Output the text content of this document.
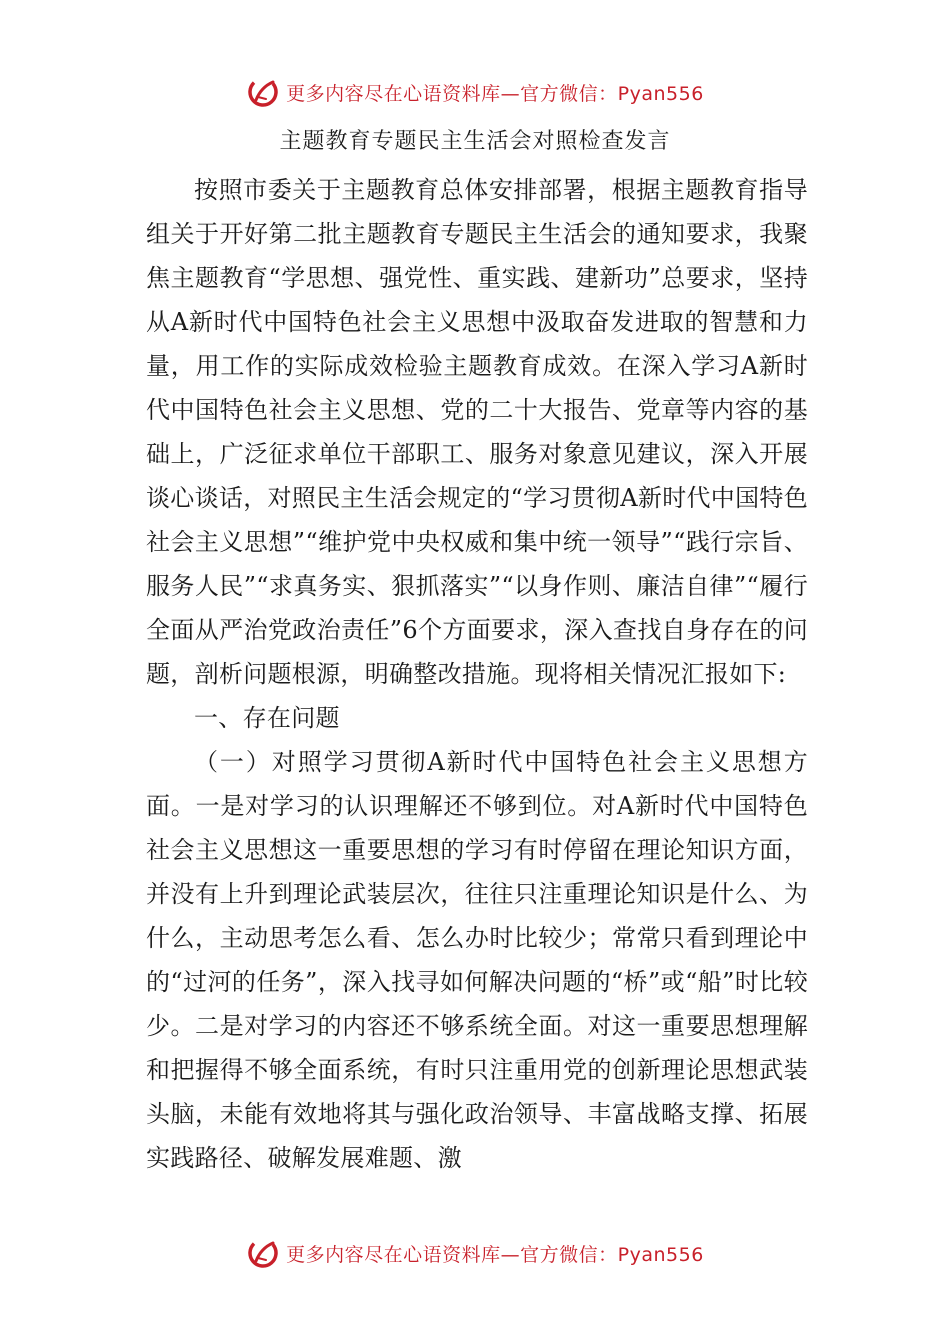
更多内容尽在心语资料库—官方微信：Pyan556
主题教育专题民主生活会对照检查发言

按照市委关于主题教育总体安排部署，根据主题教育指导组关于开好第二批主题教育专题民主生活会的通知要求，我聚焦主题教育“学思想、强党性、重实践、建新功”总要求，坚持从A新时代中国特色社会主义思想中汲取奋发进取的智慧和力量，用工作的实际成效检验主题教育成效。在深入学习A新时代中国特色社会主义思想、党的二十大报告、党章等内容的基础上，广泛征求单位干部职工、服务对象意见建议，深入开展谈心谈话，对照民主生活会规定的“学习贯彻A新时代中国特色社会主义思想”“维护党中央权威和集中统一领导”“践行宗旨、服务人民”“求真务实、狠抓落实”“以身作则、廉洁自律”“履行全面从严治党政治责任”6个方面要求，深入查找自身存在的问题，剖析问题根源，明确整改措施。现将相关情况汇报如下:

一、存在问题

（一）对照学习贯彻A新时代中国特色社会主义思想方面。一是对学习的认识理解还不够到位。对A新时代中国特色社会主义思想这一重要思想的学习有时停留在理论知识方面，并没有上升到理论武装层次，往往只注重理论知识是什么、为什么，主动思考怎么看、怎么办时比较少；常常只看到理论中的“过河的任务”，深入找寻如何解决问题的“桥”或“船”时比较少。二是对学习的内容还不够系统全面。对这一重要思想理解和把握得不够全面系统，有时只注重用党的创新理论思想武装头脑，未能有效地将其与强化政治领导、丰富战略支撑、拓展实践路径、破解发展难题、激

更多内容尽在心语资料库—官方微信：Pyan556
